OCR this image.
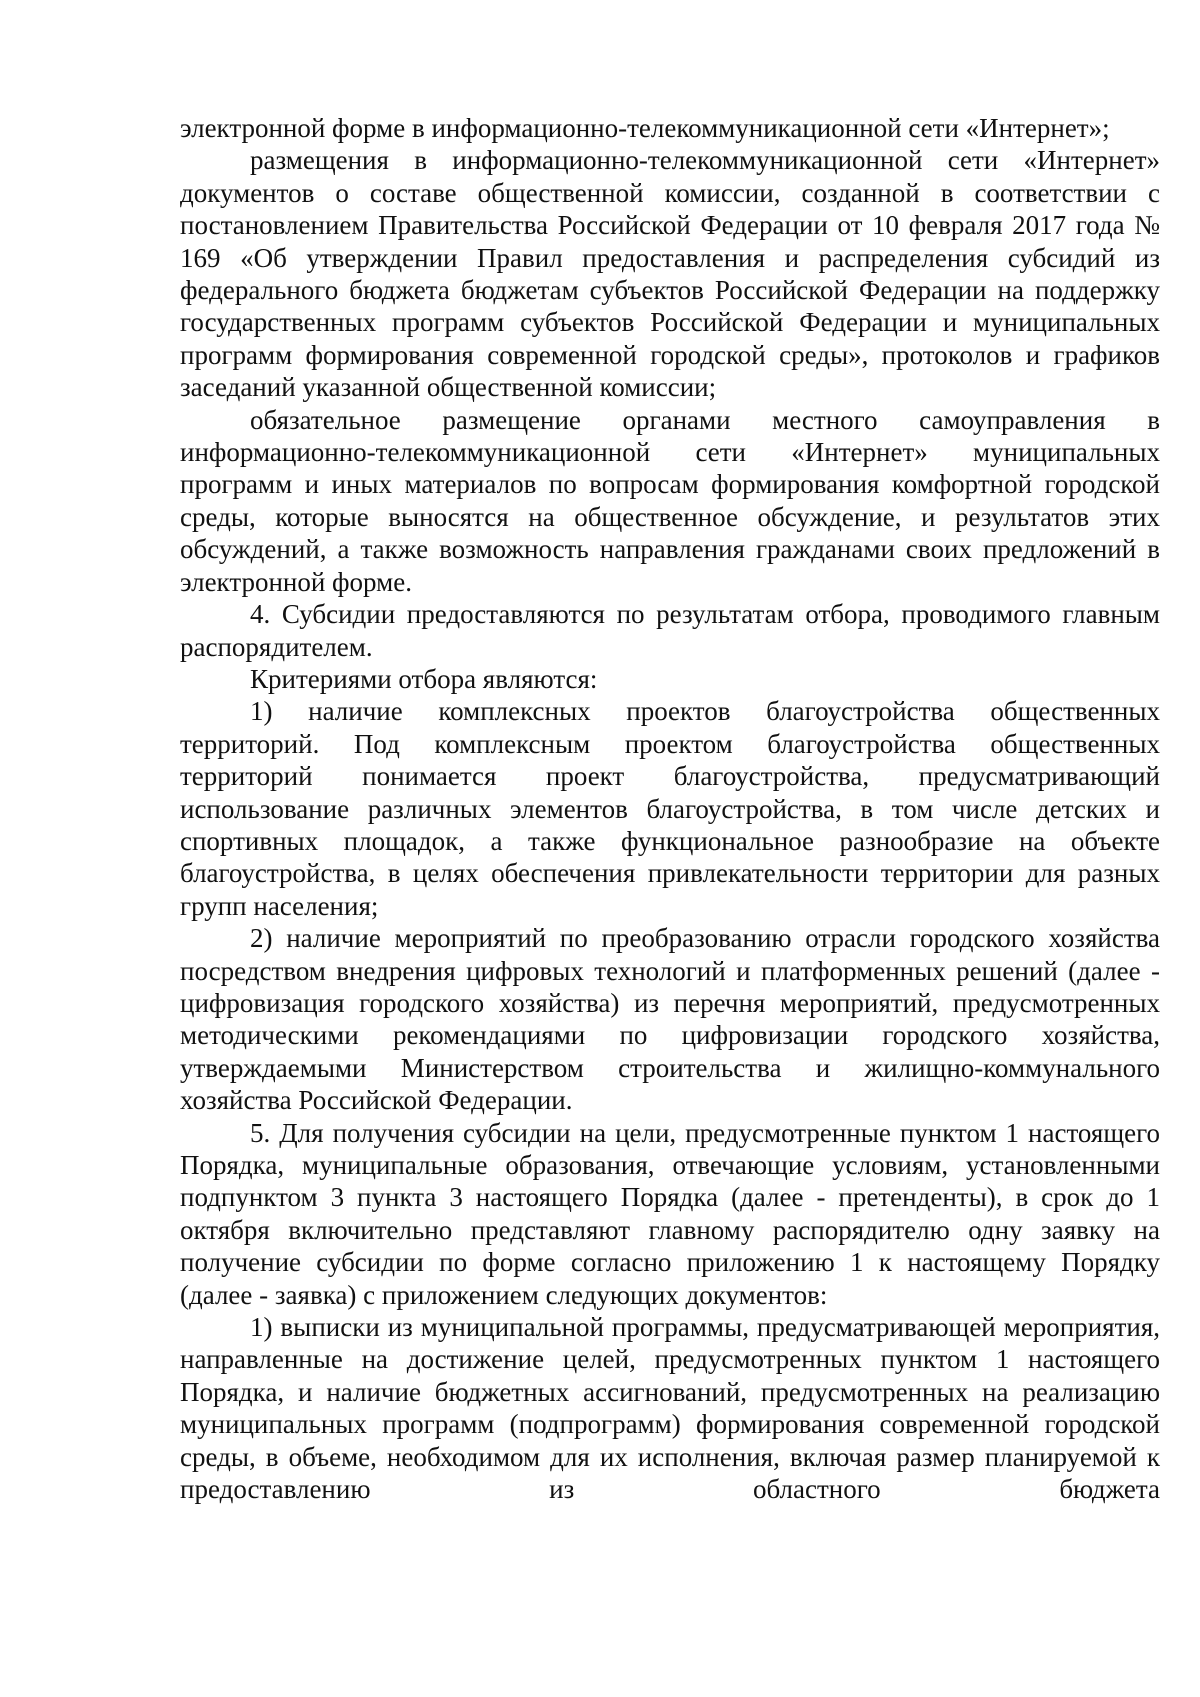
электронной форме в информационно-телекоммуникационной сети «Интернет»;

размещения в информационно-телекоммуникационной сети «Интернет» документов о составе общественной комиссии, созданной в соответствии с постановлением Правительства Российской Федерации от 10 февраля 2017 года № 169 «Об утверждении Правил предоставления и распределения субсидий из федерального бюджета бюджетам субъектов Российской Федерации на поддержку государственных программ субъектов Российской Федерации и муниципальных программ формирования современной городской среды», протоколов и графиков заседаний указанной общественной комиссии;

обязательное размещение органами местного самоуправления в информационно-телекоммуникационной сети «Интернет» муниципальных программ и иных материалов по вопросам формирования комфортной городской среды, которые выносятся на общественное обсуждение, и результатов этих обсуждений, а также возможность направления гражданами своих предложений в электронной форме.

4. Субсидии предоставляются по результатам отбора, проводимого главным распорядителем.

Критериями отбора являются:

1) наличие комплексных проектов благоустройства общественных территорий. Под комплексным проектом благоустройства общественных территорий понимается проект благоустройства, предусматривающий использование различных элементов благоустройства, в том числе детских и спортивных площадок, а также функциональное разнообразие на объекте благоустройства, в целях обеспечения привлекательности территории для разных групп населения;

2) наличие мероприятий по преобразованию отрасли городского хозяйства посредством внедрения цифровых технологий и платформенных решений (далее - цифровизация городского хозяйства) из перечня мероприятий, предусмотренных методическими рекомендациями по цифровизации городского хозяйства, утверждаемыми Министерством строительства и жилищно-коммунального хозяйства Российской Федерации.

5. Для получения субсидии на цели, предусмотренные пунктом 1 настоящего Порядка, муниципальные образования, отвечающие условиям, установленными подпунктом 3 пункта 3 настоящего Порядка (далее - претенденты), в срок до 1 октября включительно представляют главному распорядителю одну заявку на получение субсидии по форме согласно приложению 1 к настоящему Порядку (далее - заявка) с приложением следующих документов:

1) выписки из муниципальной программы, предусматривающей мероприятия, направленные на достижение целей, предусмотренных пунктом 1 настоящего Порядка, и наличие бюджетных ассигнований, предусмотренных на реализацию муниципальных программ (подпрограмм) формирования современной городской среды, в объеме, необходимом для их исполнения, включая размер планируемой к предоставлению из областного бюджета
